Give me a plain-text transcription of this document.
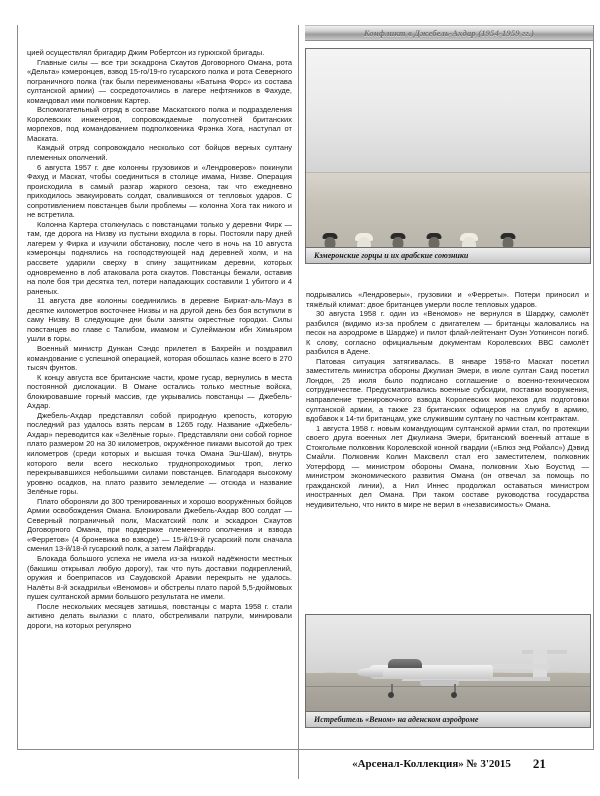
Конфликт в Джебель-Ахдар (1954-1959 гг.)

цией осуществлял бригадир Джим Робертсон из гуркхской бригады.

Главные силы — все три эскадрона Скаутов Договорного Омана, рота «Дельта» кэмеронцев, взвод 15-го/19-го гусарского полка и рота Северного пограничного полка (так были переименованы «Батына Форс» из состава султанской армии) — сосредоточились в лагере нефтяников в Фахуде, командовал ими полковник Картер.

Вспомогательный отряд в составе Маскатского полка и подразделения Королевских инженеров, сопровождаемые полусотней британских морпехов, под командованием подполковника Фрэнка Хога, наступал от Маската.

Каждый отряд сопровождало несколько сот бойцов верных султану племенных ополчений.

6 августа 1957 г. две колонны грузовиков и «Лендроверов» покинули Фахуд и Маскат, чтобы соединиться в столице имама, Низве. Операция происходила в самый разгар жаркого сезона, так что ежедневно приходилось эвакуировать солдат, свалившихся от тепловых ударов. С сопротивлением повстанцев были проблемы — колонна Хога так никого и не встретила.

Колонна Картера столкнулась с повстанцами только у деревни Фирк — там, где дорога на Низву из пустыни входила в горы. Постояли пару дней лагерем у Фирка и изучили обстановку, после чего в ночь на 10 августа кэмеронцы поднялись на господствующей над деревней холм, и на рассвете ударили сверху в спину защитникам деревни, которых одновременно в лоб атаковала рота скаутов. Повстанцы бежали, оставив на поле боя три десятка тел, потери нападающих составили 1 убитого и 4 раненых.

11 августа две колонны соединились в деревне Биркат-аль-Мауз в десятке километров восточнее Низвы и на другой день без боя вступили в саму Низву. В следующие дни были заняты окрестные городки. Силы повстанцев во главе с Талибом, имамом и Сулейманом ибн Химьяром ушли в горы.

Военный министр Дункан Сэндс прилетел в Бахрейн и поздравил командование с успешной операцией, которая обошлась казне всего в 270 тысяч фунтов.

К концу августа все британские части, кроме гусар, вернулись в места постоянной дислокации. В Омане остались только местные войска, блокировавшие горный массив, где укрывались повстанцы — Джебель-Ахдар.

Джебель-Ахдар представлял собой природную крепость, которую последний раз удалось взять персам в 1265 году. Название «Джебель-Ахдар» переводится как «Зелёные горы». Представляли они собой горное плато размером 20 на 30 километров, окружённое пиками высотой до трех километров (среди которых и высшая точка Омана Эш-Шам), внутрь которого вели всего несколько труднопроходимых троп, легко перекрывавшихся небольшими силами повстанцев. Благодаря высокому уровню осадков, на плато развито земледелие — отсюда и название Зелёные горы.

Плато обороняли до 300 тренированных и хорошо вооружённых бойцов Армии освобождения Омана. Блокировали Джебель-Ахдар 800 солдат — Северный пограничный полк, Маскатский полк и эскадрон Скаутов Договорного Омана, при поддержке племенного ополчения и взвода «Ферретов» (4 броневика во взводе) — 15-й/19-й гусарский полк сначала сменил 13-й/18-й гусарский полк, а затем Лайфгарды.

Блокада большого успеха не имела из-за низкой надёжности местных (бакшиш открывал любую дорогу), так что путь доставки подкреплений, оружия и боеприпасов из Саудовской Аравии перекрыть не удалось. Налёты 8-й эскадрильи «Веномов» и обстрелы плато парой 5,5-дюймовых пушек султанской армии большого результата не имели.

После нескольких месяцев затишья, повстанцы с марта 1958 г. стали активно делать вылазки с плато, обстреливали патрули, минировали дороги, на которых регулярно

Кэмеронские горцы и их арабские союзники

подрывались «Лендроверы», грузовики и «Ферреты». Потери приносил и тяжёлый климат: двое британцев умерли после тепловых ударов.

30 августа 1958 г. один из «Веномов» не вернулся в Шарджу, самолёт разбился (видимо из-за проблем с двигателем — британцы жаловались на песок на аэродроме в Шардже) и пилот флай-лейтенант Оуэн Уоткинсон погиб. К слову, согласно официальным документам Королевских ВВС самолёт разбился в Адене.

Патовая ситуация затягивалась. В январе 1958-го Маскат посетил заместитель министра обороны Джулиан Эмери, в июле султан Саид посетил Лондон, 25 июля было подписано соглашение о военно-техническом сотрудничестве. Предусматривались военные субсидии, поставки вооружения, направление тренировочного взвода Королевских морпехов для подготовки султанской армии, а также 23 британских офицеров на службу в армию, вдобавок к 14-ти британцам, уже служившим султану по частным контрактам.

1 августа 1958 г. новым командующим султанской армии стал, по протекции своего друга военных лет Джулиана Эмери, британский военный атташе в Стокгольме полковник Королевской конной гвардии («Блюз энд Ройалс») Дэвид Смайли. Полковник Колин Максвелл стал его заместителем, полковник Уотерфорд — министром обороны Омана, полковник Хью Боустид — министром экономического развития Омана (он отвечал за помощь по гражданской линии), а Нил Иннес продолжал оставаться министром иностранных дел Омана. При таком составе руководства государства неудивительно, что никто в мире не верил в «независимость» Омана.

Истребитель «Веном» на аденском аэродроме
«Арсенал-Коллекция» № 3'2015 21
